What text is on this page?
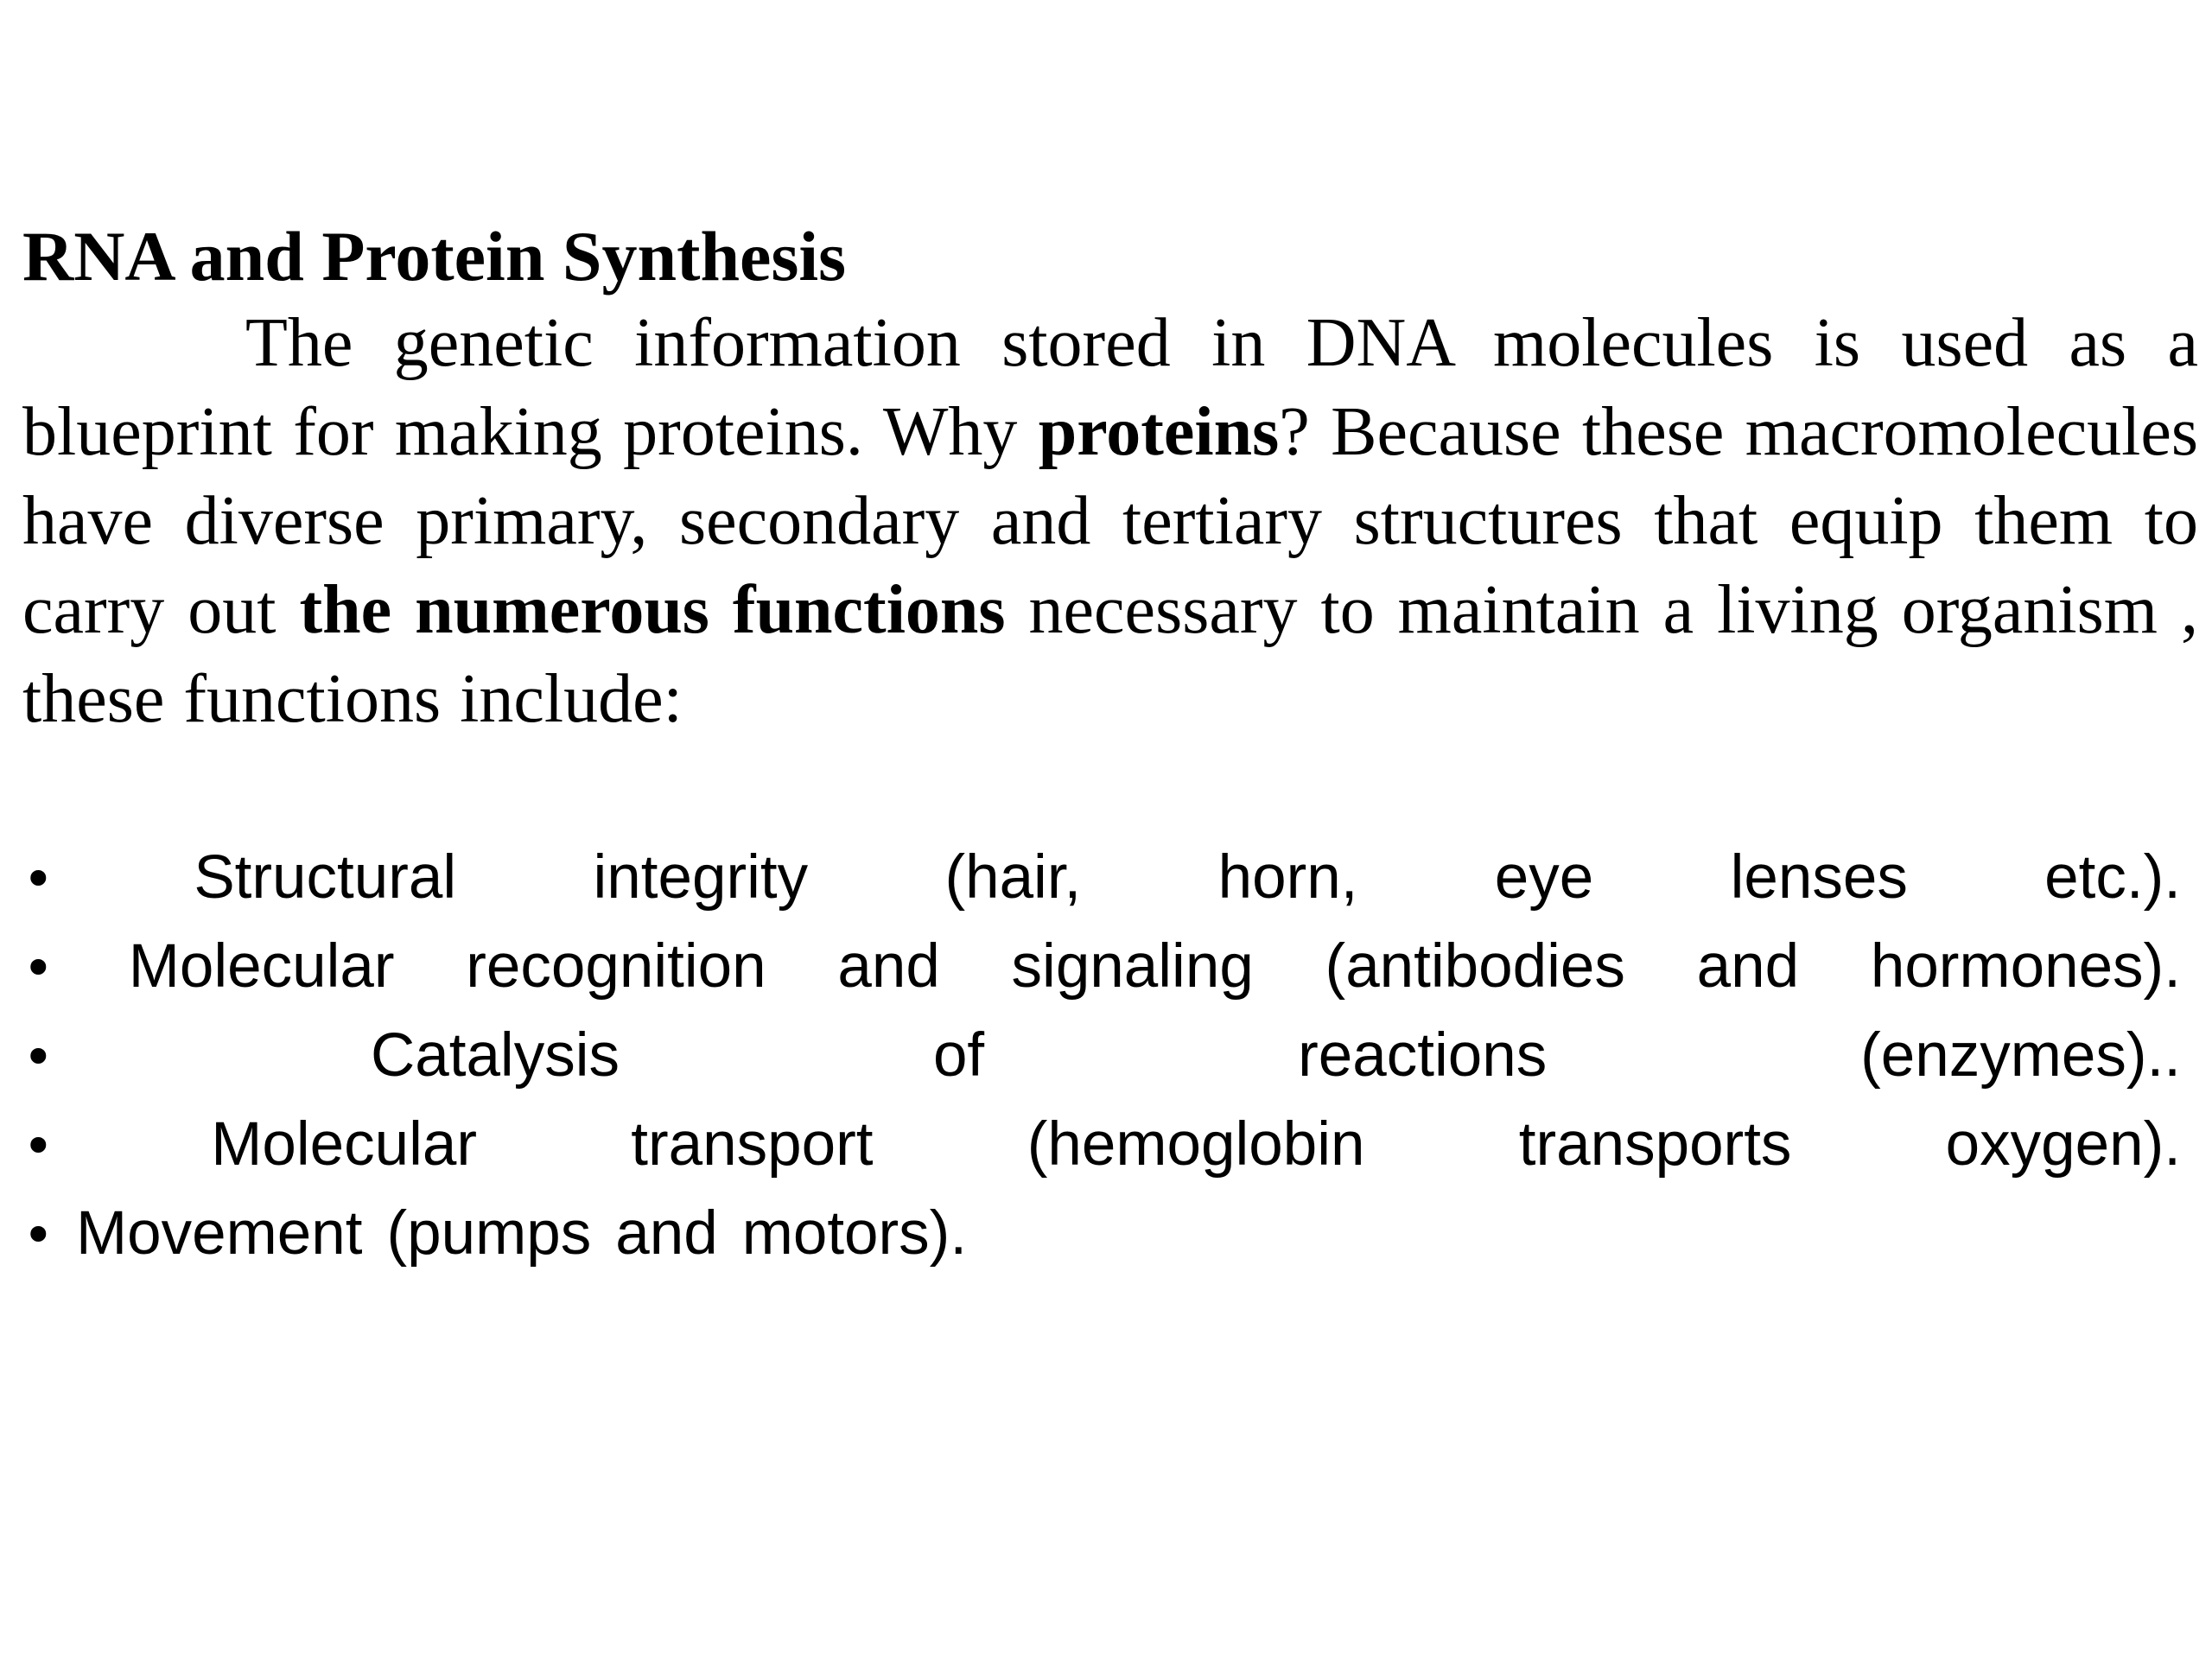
RNA and Protein Synthesis

The genetic information stored in DNA molecules is used as a blueprint for making proteins. Why proteins? Because these macromolecules have diverse primary, secondary and tertiary structures that equip them to carry out the numerous functions necessary to maintain a living organism , these functions include:

• Structural integrity (hair, horn, eye lenses etc.).
• Molecular recognition and signaling (antibodies and hormones).
•	Catalysis	of	reactions	(enzymes)..
•	Molecular	transport	(hemoglobin	transports	oxygen).
• Movement (pumps and motors).
